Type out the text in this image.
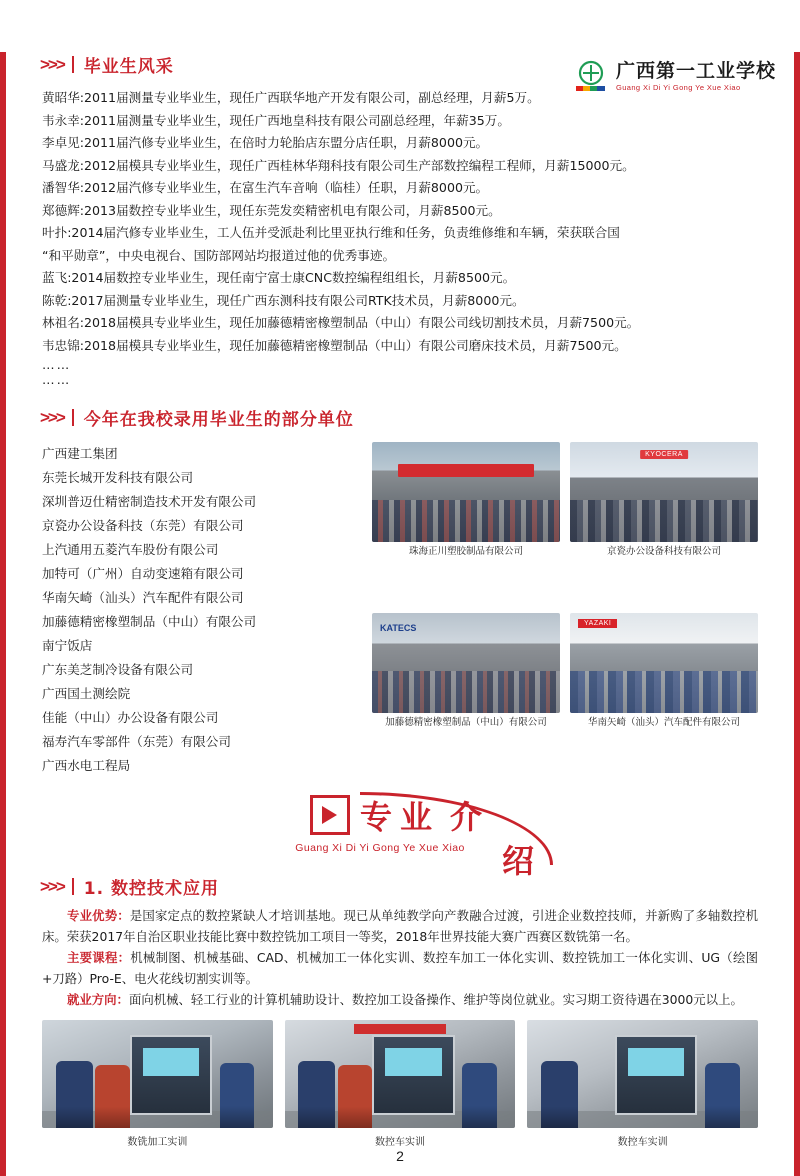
广西第一工业学校
Guang Xi Di Yi Gong Ye Xue Xiao
>>> 毕业生风采

黄昭华:2011届测量专业毕业生，现任广西联华地产开发有限公司，副总经理，月薪5万。

韦永幸:2011届测量专业毕业生，现任广西地皇科技有限公司副总经理，年薪35万。

李卓见:2011届汽修专业毕业生，在倍时力轮胎店东盟分店任职，月薪8000元。

马盛龙:2012届模具专业毕业生，现任广西桂林华翔科技有限公司生产部数控编程工程师，月薪15000元。

潘智华:2012届汽修专业毕业生，在富生汽车音响（临桂）任职，月薪8000元。

郑德辉:2013届数控专业毕业生，现任东莞发奕精密机电有限公司，月薪8500元。

叶扑:2014届汽修专业毕业生，工人伍并受派赴利比里亚执行维和任务，负责维修维和车辆，荣获联合国

“和平勋章”，中央电视台、国防部网站均报道过他的优秀事迹。

蓝飞:2014届数控专业毕业生，现任南宁富士康CNC数控编程组组长，月薪8500元。

陈乾:2017届测量专业毕业生，现任广西东测科技有限公司RTK技术员，月薪8000元。

林祖名:2018届模具专业毕业生，现任加藤德精密橡塑制品（中山）有限公司线切割技术员，月薪7500元。

韦忠锦:2018届模具专业毕业生，现任加藤德精密橡塑制品（中山）有限公司磨床技术员，月薪7500元。

……

……

>>> 今年在我校录用毕业生的部分单位
广西建工集团
东莞长城开发科技有限公司
深圳普迈仕精密制造技术开发有限公司
京瓷办公设备科技（东莞）有限公司
上汽通用五菱汽车股份有限公司
加特可（广州）自动变速箱有限公司
华南矢崎（汕头）汽车配件有限公司
加藤德精密橡塑制品（中山）有限公司
南宁饭店
广东美芝制冷设备有限公司
广西国土测绘院
佳能（中山）办公设备有限公司
福寿汽车零部件（东莞）有限公司
广西水电工程局
珠海正川塑胶制品有限公司
KYOCERA
京瓷办公设备科技有限公司
KATECS
加藤德精密橡塑制品（中山）有限公司
YAZAKI
华南矢崎（汕头）汽车配件有限公司
专业 介
Guang Xi Di Yi Gong Ye Xue Xiao	绍
>>> 1. 数控技术应用

专业优势：是国家定点的数控紧缺人才培训基地。现已从单纯教学向产教融合过渡，引进企业数控技师，并新购了多轴数控机床。荣获2017年自治区职业技能比赛中数控铣加工项目一等奖，2018年世界技能大赛广西赛区数铣第一名。

主要课程：机械制图、机械基础、CAD、机械加工一体化实训、数控车加工一体化实训、数控铣加工一体化实训、UG（绘图+刀路）Pro-E、电火花线切割实训等。

就业方向：面向机械、轻工行业的计算机辅助设计、数控加工设备操作、维护等岗位就业。实习期工资待遇在3000元以上。

数铣加工实训	数控车实训	数控车实训
2
